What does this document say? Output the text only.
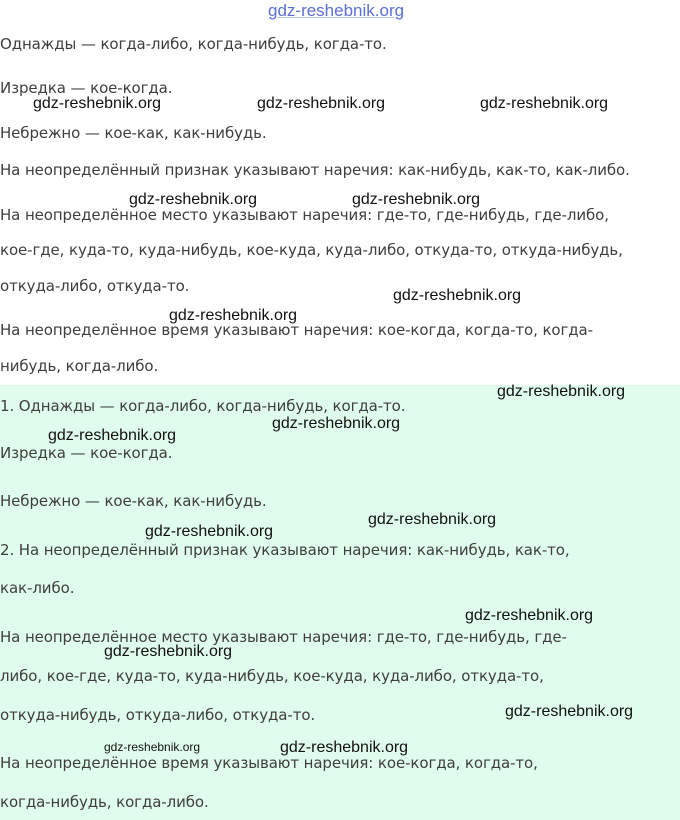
Однажды — когда-либо, когда-нибудь, когда-то.

Изредка — кое-когда.

Небрежно — кое-как, как-нибудь.

На неопределённый признак указывают наречия: как-нибудь, как-то, как-либо.

На неопределённое место указывают наречия: где-то, где-нибудь, где-либо,

кое-где, куда-то, куда-нибудь, кое-куда, куда-либо, откуда-то, откуда-нибудь,

откуда-либо, откуда-то.

На неопределённое время указывают наречия: кое-когда, когда-то, когда-

нибудь, когда-либо.

1. Однажды — когда-либо, когда-нибудь, когда-то.

Изредка — кое-когда.

Небрежно — кое-как, как-нибудь.

2. На неопределённый признак указывают наречия: как-нибудь, как-то,

как-либо.

На неопределённое место указывают наречия: где-то, где-нибудь, где-

либо, кое-где, куда-то, куда-нибудь, кое-куда, куда-либо, откуда-то,

откуда-нибудь, откуда-либо, откуда-то.

На неопределённое время указывают наречия: кое-когда, когда-то,

когда-нибудь, когда-либо.

gdz-reshebnik.org
gdz-reshebnik.org	gdz-reshebnik.org	gdz-reshebnik.org
gdz-reshebnik.org	gdz-reshebnik.org
gdz-reshebnik.org
gdz-reshebnik.org
gdz-reshebnik.org
gdz-reshebnik.org
gdz-reshebnik.org
gdz-reshebnik.org
gdz-reshebnik.org
gdz-reshebnik.org
gdz-reshebnik.org
gdz-reshebnik.org
gdz-reshebnik.org	gdz-reshebnik.org
